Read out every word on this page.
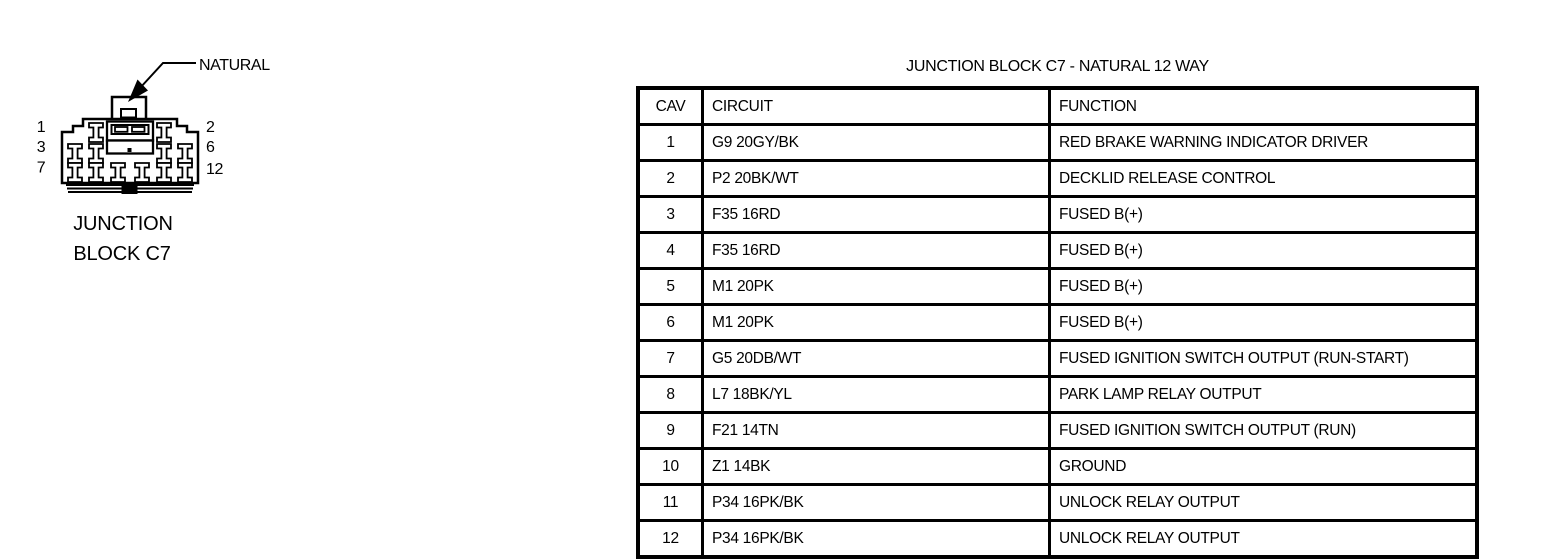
NATURAL
1
3
7
2
6
12
JUNCTION
BLOCK C7
JUNCTION BLOCK C7 - NATURAL 12 WAY
CAV	CIRCUIT	FUNCTION
1	G9 20GY/BK	RED BRAKE WARNING INDICATOR DRIVER
2	P2 20BK/WT	DECKLID RELEASE CONTROL
3	F35 16RD	FUSED B(+)
4	F35 16RD	FUSED B(+)
5	M1 20PK	FUSED B(+)
6	M1 20PK	FUSED B(+)
7	G5 20DB/WT	FUSED IGNITION SWITCH OUTPUT (RUN-START)
8	L7 18BK/YL	PARK LAMP RELAY OUTPUT
9	F21 14TN	FUSED IGNITION SWITCH OUTPUT (RUN)
10	Z1 14BK	GROUND
11	P34 16PK/BK	UNLOCK RELAY OUTPUT
12	P34 16PK/BK	UNLOCK RELAY OUTPUT
